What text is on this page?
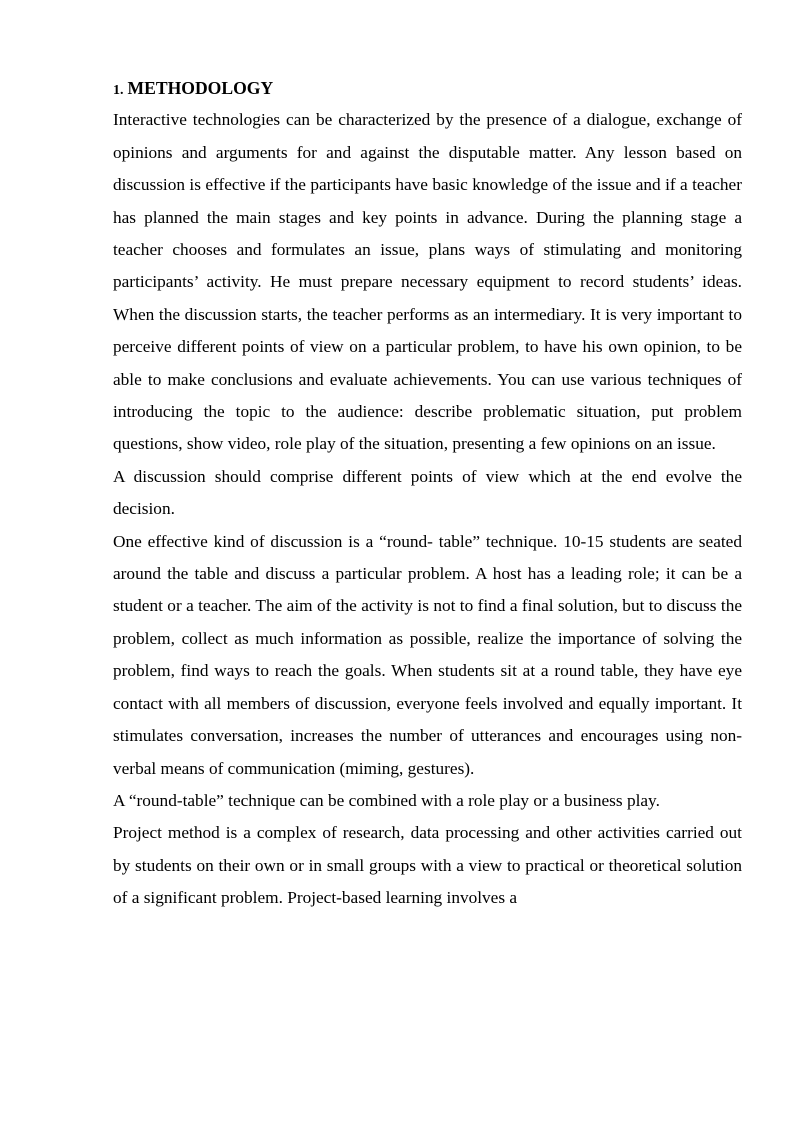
1. METHODOLOGY

Interactive technologies can be characterized by the presence of a dialogue, exchange of opinions and arguments for and against the disputable matter. Any lesson based on discussion is effective if the participants have basic knowledge of the issue and if a teacher has planned the main stages and key points in advance. During the planning stage a teacher chooses and formulates an issue, plans ways of stimulating and monitoring participants’ activity. He must prepare necessary equipment to record students’ ideas. When the discussion starts, the teacher performs as an intermediary. It is very important to perceive different points of view on a particular problem, to have his own opinion, to be able to make conclusions and evaluate achievements. You can use various techniques of introducing the topic to the audience: describe problematic situation, put problem questions, show video, role play of the situation, presenting a few opinions on an issue.

A discussion should comprise different points of view which at the end evolve the decision.

One effective kind of discussion is a “round- table” technique. 10-15 students are seated around the table and discuss a particular problem. A host has a leading role; it can be a student or a teacher. The aim of the activity is not to find a final solution, but to discuss the problem, collect as much information as possible, realize the importance of solving the problem, find ways to reach the goals. When students sit at a round table, they have eye contact with all members of discussion, everyone feels involved and equally important. It stimulates conversation, increases the number of utterances and encourages using non-verbal means of communication (miming, gestures).

A “round-table” technique can be combined with a role play or a business play.

Project method is a complex of research, data processing and other activities carried out by students on their own or in small groups with a view to practical or theoretical solution of a significant problem. Project-based learning involves a
